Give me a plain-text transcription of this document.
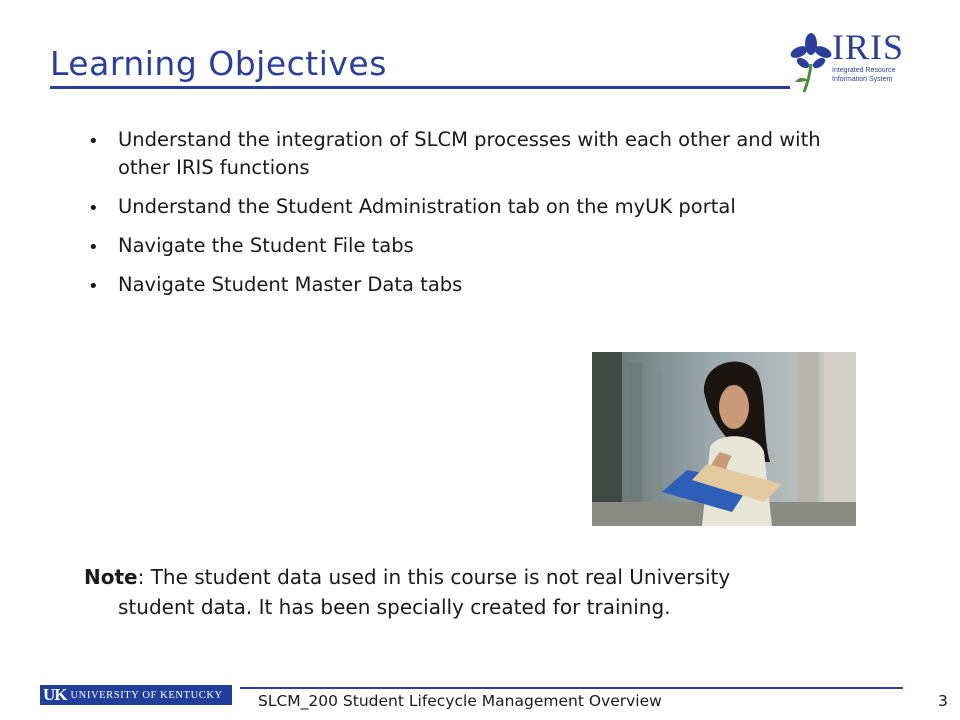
Learning Objectives	IRIS
Integrated Resource Information System
• Understand the integration of SLCM processes with each other and with other IRIS functions
• Understand the Student Administration tab on the myUK portal
• Navigate the Student File tabs
• Navigate Student Master Data tabs
Note: The student data used in this course is not real University
student data. It has been specially created for training.
UK UNIVERSITY OF KENTUCKY SLCM_200 Student Lifecycle Management Overview	3
